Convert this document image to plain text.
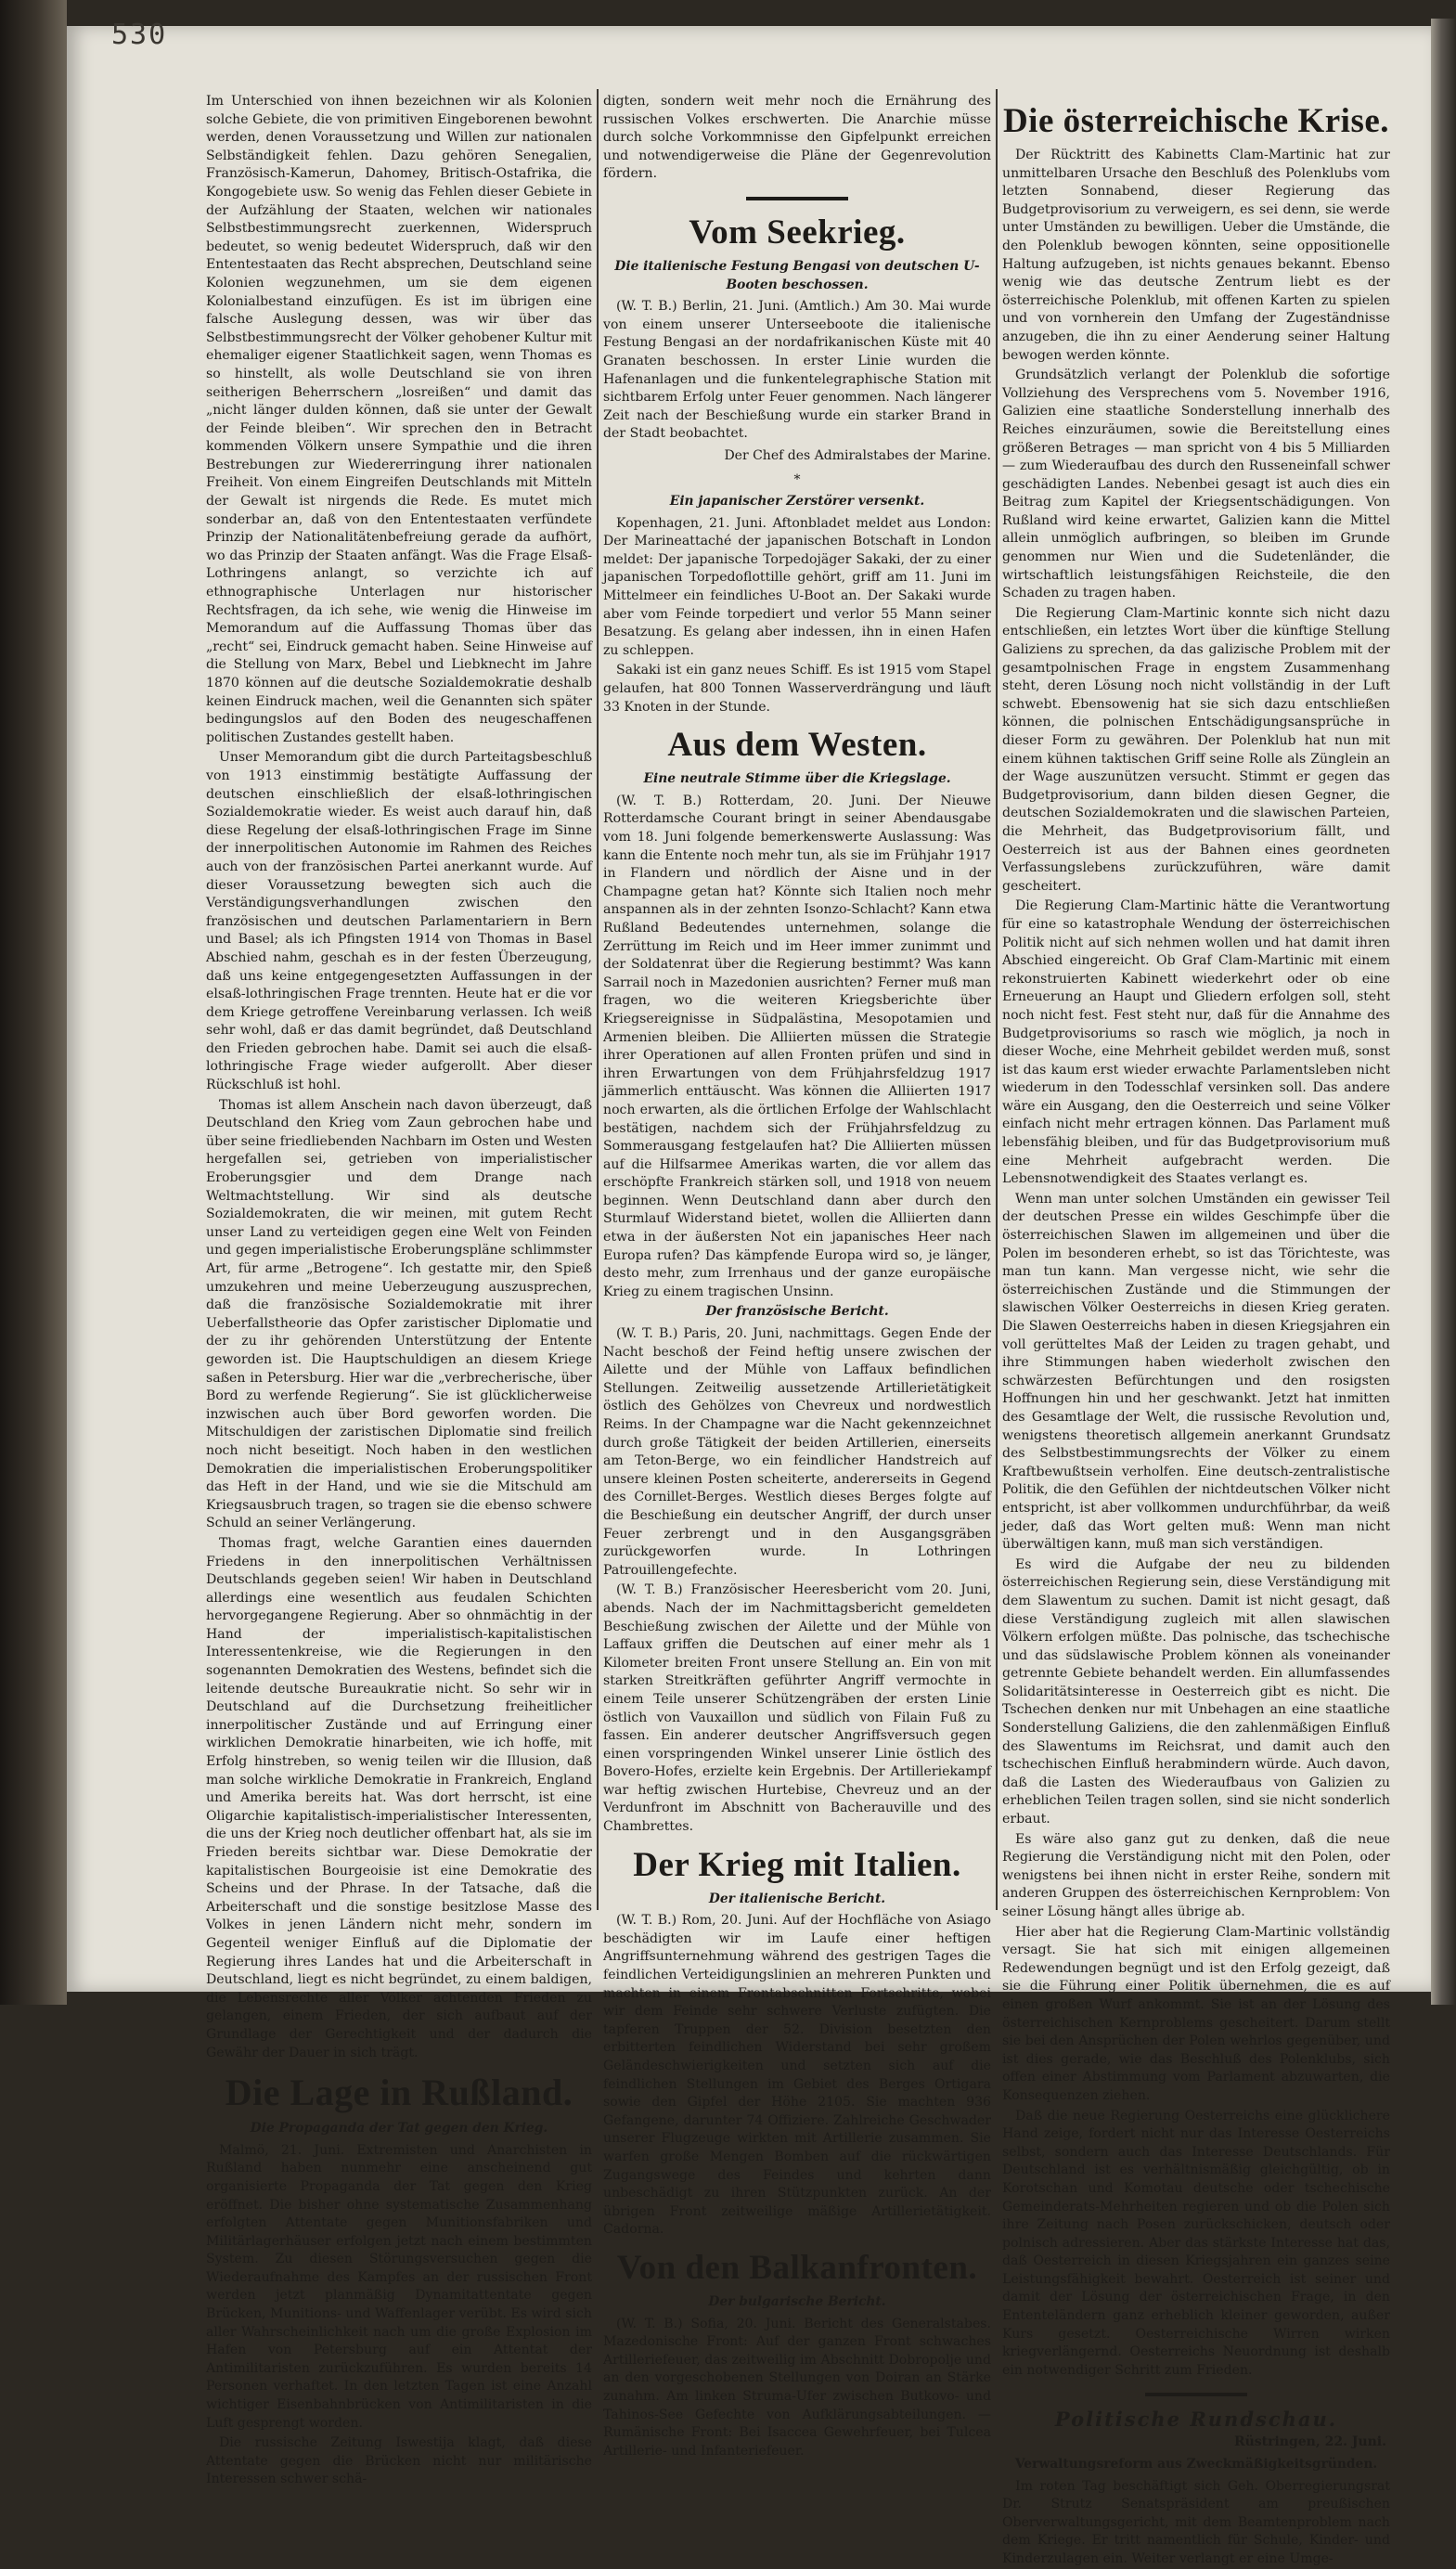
530

Im Unterschied von ihnen bezeichnen wir als Kolonien solche Gebiete, die von primitiven Eingeborenen bewohnt werden, denen Voraussetzung und Willen zur nationalen Selbständigkeit fehlen. Dazu gehören Senegalien, Französisch-Kamerun, Dahomey, Britisch-Ostafrika, die Kongogebiete usw. So wenig das Fehlen dieser Gebiete in der Aufzählung der Staaten, welchen wir nationales Selbstbestimmungsrecht zuerkennen, Widerspruch bedeutet, so wenig bedeutet Widerspruch, daß wir den Ententestaaten das Recht absprechen, Deutschland seine Kolonien wegzunehmen, um sie dem eigenen Kolonialbestand einzufügen. Es ist im übrigen eine falsche Auslegung dessen, was wir über das Selbstbestimmungsrecht der Völker gehobener Kultur mit ehemaliger eigener Staatlichkeit sagen, wenn Thomas es so hinstellt, als wolle Deutschland sie von ihren seitherigen Beherrschern „losreißen“ und damit das „nicht länger dulden können, daß sie unter der Gewalt der Feinde bleiben“. Wir sprechen den in Betracht kommenden Völkern unsere Sympathie und die ihren Bestrebungen zur Wiedererringung ihrer nationalen Freiheit. Von einem Eingreifen Deutschlands mit Mitteln der Gewalt ist nirgends die Rede. Es mutet mich sonderbar an, daß von den Ententestaaten verfündete Prinzip der Nationalitätenbefreiung gerade da aufhört, wo das Prinzip der Staaten anfängt. Was die Frage Elsaß-Lothringens anlangt, so verzichte ich auf ethnographische Unterlagen nur historischer Rechtsfragen, da ich sehe, wie wenig die Hinweise im Memorandum auf die Auffassung Thomas über das „recht“ sei, Eindruck gemacht haben. Seine Hinweise auf die Stellung von Marx, Bebel und Liebknecht im Jahre 1870 können auf die deutsche Sozialdemokratie deshalb keinen Eindruck machen, weil die Genannten sich später bedingungslos auf den Boden des neugeschaffenen politischen Zustandes gestellt haben.

Unser Memorandum gibt die durch Parteitagsbeschluß von 1913 einstimmig bestätigte Auffassung der deutschen einschließlich der elsaß-lothringischen Sozialdemokratie wieder. Es weist auch darauf hin, daß diese Regelung der elsaß-lothringischen Frage im Sinne der innerpolitischen Autonomie im Rahmen des Reiches auch von der französischen Partei anerkannt wurde. Auf dieser Voraussetzung bewegten sich auch die Verständigungsverhandlungen zwischen den französischen und deutschen Parlamentariern in Bern und Basel; als ich Pfingsten 1914 von Thomas in Basel Abschied nahm, geschah es in der festen Überzeugung, daß uns keine entgegengesetzten Auffassungen in der elsaß-lothringischen Frage trennten. Heute hat er die vor dem Kriege getroffene Vereinbarung verlassen. Ich weiß sehr wohl, daß er das damit begründet, daß Deutschland den Frieden gebrochen habe. Damit sei auch die elsaß-lothringische Frage wieder aufgerollt. Aber dieser Rückschluß ist hohl.

Thomas ist allem Anschein nach davon überzeugt, daß Deutschland den Krieg vom Zaun gebrochen habe und über seine friedliebenden Nachbarn im Osten und Westen hergefallen sei, getrieben von imperialistischer Eroberungsgier und dem Drange nach Weltmachtstellung. Wir sind als deutsche Sozialdemokraten, die wir meinen, mit gutem Recht unser Land zu verteidigen gegen eine Welt von Feinden und gegen imperialistische Eroberungspläne schlimmster Art, für arme „Betrogene“. Ich gestatte mir, den Spieß umzukehren und meine Ueberzeugung auszusprechen, daß die französische Sozialdemokratie mit ihrer Ueberfallstheorie das Opfer zaristischer Diplomatie und der zu ihr gehörenden Unterstützung der Entente geworden ist. Die Hauptschuldigen an diesem Kriege saßen in Petersburg. Hier war die „verbrecherische, über Bord zu werfende Regierung“. Sie ist glücklicherweise inzwischen auch über Bord geworfen worden. Die Mitschuldigen der zaristischen Diplomatie sind freilich noch nicht beseitigt. Noch haben in den westlichen Demokratien die imperialistischen Eroberungspolitiker das Heft in der Hand, und wie sie die Mitschuld am Kriegsausbruch tragen, so tragen sie die ebenso schwere Schuld an seiner Verlängerung.

Thomas fragt, welche Garantien eines dauernden Friedens in den innerpolitischen Verhältnissen Deutschlands gegeben seien! Wir haben in Deutschland allerdings eine wesentlich aus feudalen Schichten hervorgegangene Regierung. Aber so ohnmächtig in der Hand der imperialistisch-kapitalistischen Interessentenkreise, wie die Regierungen in den sogenannten Demokratien des Westens, befindet sich die leitende deutsche Bureaukratie nicht. So sehr wir in Deutschland auf die Durchsetzung freiheitlicher innerpolitischer Zustände und auf Erringung einer wirklichen Demokratie hinarbeiten, wie ich hoffe, mit Erfolg hinstreben, so wenig teilen wir die Illusion, daß man solche wirkliche Demokratie in Frankreich, England und Amerika bereits hat. Was dort herrscht, ist eine Oligarchie kapitalistisch-imperialistischer Interessenten, die uns der Krieg noch deutlicher offenbart hat, als sie im Frieden bereits sichtbar war. Diese Demokratie der kapitalistischen Bourgeoisie ist eine Demokratie des Scheins und der Phrase. In der Tatsache, daß die Arbeiterschaft und die sonstige besitzlose Masse des Volkes in jenen Ländern nicht mehr, sondern im Gegenteil weniger Einfluß auf die Diplomatie der Regierung ihres Landes hat und die Arbeiterschaft in Deutschland, liegt es nicht begründet, zu einem baldigen, die Lebensrechte aller Völker achtenden Frieden zu gelangen, einem Frieden, der sich aufbaut auf der Grundlage der Gerechtigkeit und der dadurch die Gewähr der Dauer in sich trägt.

Die Lage in Rußland.
Die Propaganda der Tat gegen den Krieg.

Malmö, 21. Juni. Extremisten und Anarchisten in Rußland haben nunmehr eine anscheinend gut organisierte Propaganda der Tat gegen den Krieg eröffnet. Die bisher ohne systematische Zusammenhang erfolgten Attentate gegen Munitionsfabriken und Militärlagerhäuser erfolgen jetzt nach einem bestimmten System. Zu diesen Störungsversuchen gegen die Wiederaufnahme des Kampfes an der russischen Front werden jetzt planmäßig Dynamitattentate gegen Brücken, Munitions- und Waffenlager verübt. Es wird sich aller Wahrscheinlichkeit nach um die große Explosion im Hafen von Petersburg auf ein Attentat der Antimilitaristen zurückzuführen. Es wurden bereits 14 Personen verhaftet. In den letzten Tagen ist eine Anzahl wichtiger Eisenbahnbrücken von Antimilitaristen in die Luft gesprengt worden.

Die russische Zeitung Iswestija klagt, daß diese Attentate gegen die Brücken nicht nur militärische Interessen schwer schä-

digten, sondern weit mehr noch die Ernährung des russischen Volkes erschwerten. Die Anarchie müsse durch solche Vorkommnisse den Gipfelpunkt erreichen und notwendigerweise die Pläne der Gegenrevolution fördern.

Vom Seekrieg.
Die italienische Festung Bengasi von deutschen U-Booten beschossen.

(W. T. B.) Berlin, 21. Juni. (Amtlich.) Am 30. Mai wurde von einem unserer Unterseeboote die italienische Festung Bengasi an der nordafrikanischen Küste mit 40 Granaten beschossen. In erster Linie wurden die Hafenanlagen und die funkentelegraphische Station mit sichtbarem Erfolg unter Feuer genommen. Nach längerer Zeit nach der Beschießung wurde ein starker Brand in der Stadt beobachtet.

Der Chef des Admiralstabes der Marine.
*
Ein japanischer Zerstörer versenkt.

Kopenhagen, 21. Juni. Aftonbladet meldet aus London: Der Marineattaché der japanischen Botschaft in London meldet: Der japanische Torpedojäger Sakaki, der zu einer japanischen Torpedoflottille gehört, griff am 11. Juni im Mittelmeer ein feindliches U-Boot an. Der Sakaki wurde aber vom Feinde torpediert und verlor 55 Mann seiner Besatzung. Es gelang aber indessen, ihn in einen Hafen zu schleppen.

Sakaki ist ein ganz neues Schiff. Es ist 1915 vom Stapel gelaufen, hat 800 Tonnen Wasserverdrängung und läuft 33 Knoten in der Stunde.

Aus dem Westen.
Eine neutrale Stimme über die Kriegslage.

(W. T. B.) Rotterdam, 20. Juni. Der Nieuwe Rotterdamsche Courant bringt in seiner Abendausgabe vom 18. Juni folgende bemerkenswerte Auslassung: Was kann die Entente noch mehr tun, als sie im Frühjahr 1917 in Flandern und nördlich der Aisne und in der Champagne getan hat? Könnte sich Italien noch mehr anspannen als in der zehnten Isonzo-Schlacht? Kann etwa Rußland Bedeutendes unternehmen, solange die Zerrüttung im Reich und im Heer immer zunimmt und der Soldatenrat über die Regierung bestimmt? Was kann Sarrail noch in Mazedonien ausrichten? Ferner muß man fragen, wo die weiteren Kriegsberichte über Kriegsereignisse in Südpalästina, Mesopotamien und Armenien bleiben. Die Alliierten müssen die Strategie ihrer Operationen auf allen Fronten prüfen und sind in ihren Erwartungen von dem Frühjahrsfeldzug 1917 jämmerlich enttäuscht. Was können die Alliierten 1917 noch erwarten, als die örtlichen Erfolge der Wahlschlacht bestätigen, nachdem sich der Frühjahrsfeldzug zu Sommerausgang festgelaufen hat? Die Alliierten müssen auf die Hilfsarmee Amerikas warten, die vor allem das erschöpfte Frankreich stärken soll, und 1918 von neuem beginnen. Wenn Deutschland dann aber durch den Sturmlauf Widerstand bietet, wollen die Alliierten dann etwa in der äußersten Not ein japanisches Heer nach Europa rufen? Das kämpfende Europa wird so, je länger, desto mehr, zum Irrenhaus und der ganze europäische Krieg zu einem tragischen Unsinn.

Der französische Bericht.

(W. T. B.) Paris, 20. Juni, nachmittags. Gegen Ende der Nacht beschoß der Feind heftig unsere zwischen der Ailette und der Mühle von Laffaux befindlichen Stellungen. Zeitweilig aussetzende Artillerietätigkeit östlich des Gehölzes von Chevreux und nordwestlich Reims. In der Champagne war die Nacht gekennzeichnet durch große Tätigkeit der beiden Artillerien, einerseits am Teton-Berge, wo ein feindlicher Handstreich auf unsere kleinen Posten scheiterte, andererseits in Gegend des Cornillet-Berges. Westlich dieses Berges folgte auf die Beschießung ein deutscher Angriff, der durch unser Feuer zerbrengt und in den Ausgangsgräben zurückgeworfen wurde. In Lothringen Patrouillengefechte.

(W. T. B.) Französischer Heeresbericht vom 20. Juni, abends. Nach der im Nachmittagsbericht gemeldeten Beschießung zwischen der Ailette und der Mühle von Laffaux griffen die Deutschen auf einer mehr als 1 Kilometer breiten Front unsere Stellung an. Ein von mit starken Streitkräften geführter Angriff vermochte in einem Teile unserer Schützengräben der ersten Linie östlich von Vauxaillon und südlich von Filain Fuß zu fassen. Ein anderer deutscher Angriffsversuch gegen einen vorspringenden Winkel unserer Linie östlich des Bovero-Hofes, erzielte kein Ergebnis. Der Artilleriekampf war heftig zwischen Hurtebise, Chevreuz und an der Verdunfront im Abschnitt von Bacherauville und des Chambrettes.

Der Krieg mit Italien.
Der italienische Bericht.

(W. T. B.) Rom, 20. Juni. Auf der Hochfläche von Asiago beschädigten wir im Laufe einer heftigen Angriffsunternehmung während des gestrigen Tages die feindlichen Verteidigungslinien an mehreren Punkten und machten in einem Frontabschnitten Fortschritte, wobei wir dem Feinde sehr schwere Verluste zufügten. Die tapferen Truppen der 52. Division besetzten den erbitterten feindlichen Widerstand bei sehr großem Geländeschwierigkeiten und setzten sich auf die feindlichen Stellungen im Gebiet des Berges Ortigara sowie den Gipfel der Höhe 2105. Sie machten 936 Gefangene, darunter 74 Offiziere. Zahlreiche Geschwader unserer Flugzeuge wirkten mit Artillerie zusammen. Sie warfen große Mengen Bomben auf die rückwärtigen Zugangswege des Feindes und kehrten dann unbeschädigt zu ihren Stützpunkten zurück. An der übrigen Front zeitweilige mäßige Artillerietätigkeit. Cadorna.

Von den Balkanfronten.
Der bulgarische Bericht.

(W. T. B.) Sofia, 20. Juni. Bericht des Generalstabes. Mazedonische Front: Auf der ganzen Front schwaches Artilleriefeuer, das zeitweilig im Abschnitt Dobropolje und an den vorgeschobenen Stellungen von Doiran an Stärke zunahm. Am linken Struma-Ufer zwischen Butkovo- und Tahinos-See Gefechte von Aufklärungsabteilungen. — Rumänische Front: Bei Isaccea Gewehrfeuer, bei Tulcea Artillerie- und Infanteriefeuer.

Die österreichische Krise.

Der Rücktritt des Kabinetts Clam-Martinic hat zur unmittelbaren Ursache den Beschluß des Polenklubs vom letzten Sonnabend, dieser Regierung das Budgetprovisorium zu verweigern, es sei denn, sie werde unter Umständen zu bewilligen. Ueber die Umstände, die den Polenklub bewogen könnten, seine oppositionelle Haltung aufzugeben, ist nichts genaues bekannt. Ebenso wenig wie das deutsche Zentrum liebt es der österreichische Polenklub, mit offenen Karten zu spielen und von vornherein den Umfang der Zugeständnisse anzugeben, die ihn zu einer Aenderung seiner Haltung bewogen werden könnte.

Grundsätzlich verlangt der Polenklub die sofortige Vollziehung des Versprechens vom 5. November 1916, Galizien eine staatliche Sonderstellung innerhalb des Reiches einzuräumen, sowie die Bereitstellung eines größeren Betrages — man spricht von 4 bis 5 Milliarden — zum Wiederaufbau des durch den Russeneinfall schwer geschädigten Landes. Nebenbei gesagt ist auch dies ein Beitrag zum Kapitel der Kriegsentschädigungen. Von Rußland wird keine erwartet, Galizien kann die Mittel allein unmöglich aufbringen, so bleiben im Grunde genommen nur Wien und die Sudetenländer, die wirtschaftlich leistungsfähigen Reichsteile, die den Schaden zu tragen haben.

Die Regierung Clam-Martinic konnte sich nicht dazu entschließen, ein letztes Wort über die künftige Stellung Galiziens zu sprechen, da das galizische Problem mit der gesamtpolnischen Frage in engstem Zusammenhang steht, deren Lösung noch nicht vollständig in der Luft schwebt. Ebensowenig hat sie sich dazu entschließen können, die polnischen Entschädigungsansprüche in dieser Form zu gewähren. Der Polenklub hat nun mit einem kühnen taktischen Griff seine Rolle als Zünglein an der Wage auszunützen versucht. Stimmt er gegen das Budgetprovisorium, dann bilden diesen Gegner, die deutschen Sozialdemokraten und die slawischen Parteien, die Mehrheit, das Budgetprovisorium fällt, und Oesterreich ist aus der Bahnen eines geordneten Verfassungslebens zurückzuführen, wäre damit gescheitert.

Die Regierung Clam-Martinic hätte die Verantwortung für eine so katastrophale Wendung der österreichischen Politik nicht auf sich nehmen wollen und hat damit ihren Abschied eingereicht. Ob Graf Clam-Martinic mit einem rekonstruierten Kabinett wiederkehrt oder ob eine Erneuerung an Haupt und Gliedern erfolgen soll, steht noch nicht fest. Fest steht nur, daß für die Annahme des Budgetprovisoriums so rasch wie möglich, ja noch in dieser Woche, eine Mehrheit gebildet werden muß, sonst ist das kaum erst wieder erwachte Parlamentsleben nicht wiederum in den Todesschlaf versinken soll. Das andere wäre ein Ausgang, den die Oesterreich und seine Völker einfach nicht mehr ertragen können. Das Parlament muß lebensfähig bleiben, und für das Budgetprovisorium muß eine Mehrheit aufgebracht werden. Die Lebensnotwendigkeit des Staates verlangt es.

Wenn man unter solchen Umständen ein gewisser Teil der deutschen Presse ein wildes Geschimpfe über die österreichischen Slawen im allgemeinen und über die Polen im besonderen erhebt, so ist das Törichteste, was man tun kann. Man vergesse nicht, wie sehr die österreichischen Zustände und die Stimmungen der slawischen Völker Oesterreichs in diesen Krieg geraten. Die Slawen Oesterreichs haben in diesen Kriegsjahren ein voll gerütteltes Maß der Leiden zu tragen gehabt, und ihre Stimmungen haben wiederholt zwischen den schwärzesten Befürchtungen und den rosigsten Hoffnungen hin und her geschwankt. Jetzt hat inmitten des Gesamtlage der Welt, die russische Revolution und, wenigstens theoretisch allgemein anerkannt Grundsatz des Selbstbestimmungsrechts der Völker zu einem Kraftbewußtsein verholfen. Eine deutsch-zentralistische Politik, die den Gefühlen der nichtdeutschen Völker nicht entspricht, ist aber vollkommen undurchführbar, da weiß jeder, daß das Wort gelten muß: Wenn man nicht überwältigen kann, muß man sich verständigen.

Es wird die Aufgabe der neu zu bildenden österreichischen Regierung sein, diese Verständigung mit dem Slawentum zu suchen. Damit ist nicht gesagt, daß diese Verständigung zugleich mit allen slawischen Völkern erfolgen müßte. Das polnische, das tschechische und das südslawische Problem können als voneinander getrennte Gebiete behandelt werden. Ein allumfassendes Solidaritätsinteresse in Oesterreich gibt es nicht. Die Tschechen denken nur mit Unbehagen an eine staatliche Sonderstellung Galiziens, die den zahlenmäßigen Einfluß des Slawentums im Reichsrat, und damit auch den tschechischen Einfluß herabmindern würde. Auch davon, daß die Lasten des Wiederaufbaus von Galizien zu erheblichen Teilen tragen sollen, sind sie nicht sonderlich erbaut.

Es wäre also ganz gut zu denken, daß die neue Regierung die Verständigung nicht mit den Polen, oder wenigstens bei ihnen nicht in erster Reihe, sondern mit anderen Gruppen des österreichischen Kernproblem: Von seiner Lösung hängt alles übrige ab.

Hier aber hat die Regierung Clam-Martinic vollständig versagt. Sie hat sich mit einigen allgemeinen Redewendungen begnügt und ist den Erfolg gezeigt, daß sie die Führung einer Politik übernehmen, die es auf einen großen Wurf ankommt. Sie ist an der Lösung des österreichischen Kernproblems gescheitert. Darum stellt sie bei den Ansprüchen der Polen wehrlos gegenüber, und ist dies gerade, wie das Beschluß des Polenklubs, sich offen einer Abstimmung vom Parlament abzuwarten, die Konsequenzen ziehen.

Daß die neue Regierung Oesterreichs eine glücklichere Hand zeige, fordert nicht nur das Interesse Oesterreichs selbst, sondern auch das Interesse Deutschlands. Für Deutschland ist es verhältnismäßig gleichgültig, ob in Korotschan und Komotau deutsche oder tschechische Gemeinderats-Mehrheiten regieren und ob die Polen sich ihre Zeitung nach Posen zurückschicken, deutsch oder polnisch adressieren. Aber das stärkste Interesse hat das, daß Oesterreich in diesen Kriegsjahren ein ganzes seine Leistungsfähigkeit bewahrt. Oesterreich ist seiner und damit der Lösung der österreichischen Frage, in den Ententeländern ganz erheblich kleiner geworden, außer Kurs gesetzt. Oesterreichische Wirren wirken kriegverlängernd. Oesterreichs Neuordnung ist deshalb ein notwendiger Schritt zum Frieden.

Politische Rundschau.
Rüstringen, 22. Juni.
Verwaltungsreform aus Zweckmäßigkeitsgründen.

Im roten Tag beschäftigt sich Geh. Oberregierungsrat Dr. Strutz Senatspräsident am preußischen Oberverwaltungsgericht, mit dem Beamtenproblem nach dem Kriege. Er tritt namentlich für Schule, Kinder- und Kinderzulagen ein. Weiter verlangt er eine Umge-
